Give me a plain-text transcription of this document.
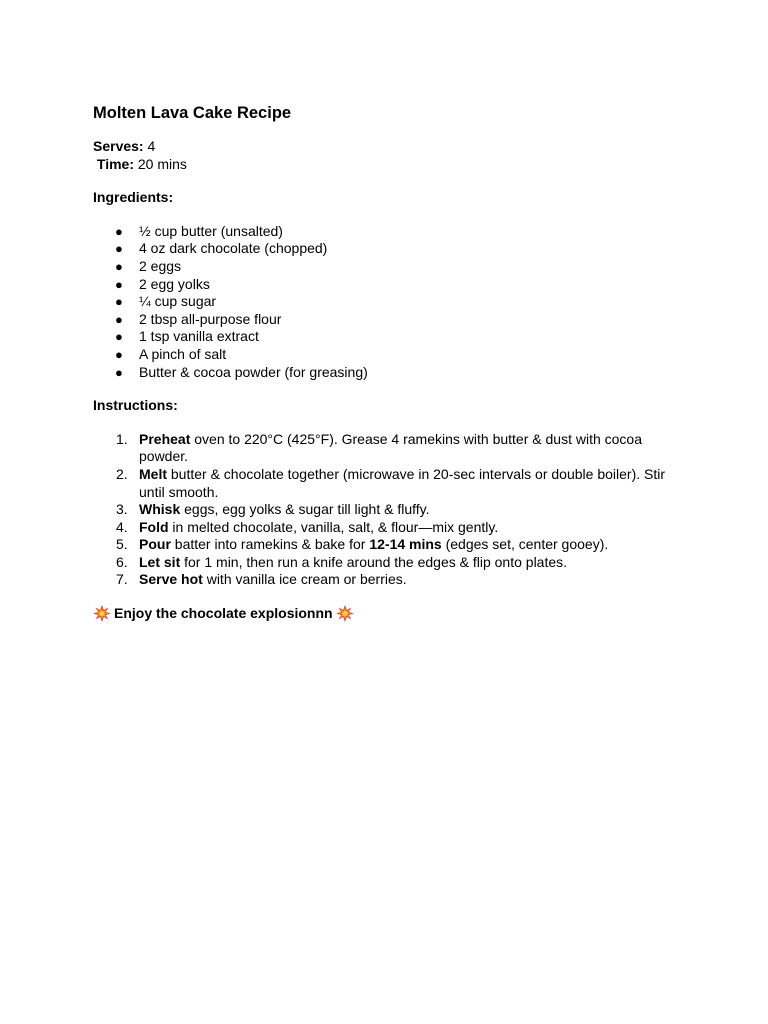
Molten Lava Cake Recipe

Serves: 4

Time: 20 mins

Ingredients:

● ½ cup butter (unsalted)
● 4 oz dark chocolate (chopped)
● 2 eggs
● 2 egg yolks
● ¼ cup sugar
● 2 tbsp all-purpose flour
● 1 tsp vanilla extract
● A pinch of salt
● Butter & cocoa powder (for greasing)

Instructions:

1. Preheat oven to 220°C (425°F). Grease 4 ramekins with butter & dust with cocoa powder.
2. Melt butter & chocolate together (microwave in 20-sec intervals or double boiler). Stir until smooth.
3. Whisk eggs, egg yolks & sugar till light & fluffy.
4. Fold in melted chocolate, vanilla, salt, & flour—mix gently.
5. Pour batter into ramekins & bake for 12-14 mins (edges set, center gooey).
6. Let sit for 1 min, then run a knife around the edges & flip onto plates.
7. Serve hot with vanilla ice cream or berries.

Enjoy the chocolate explosionnn
